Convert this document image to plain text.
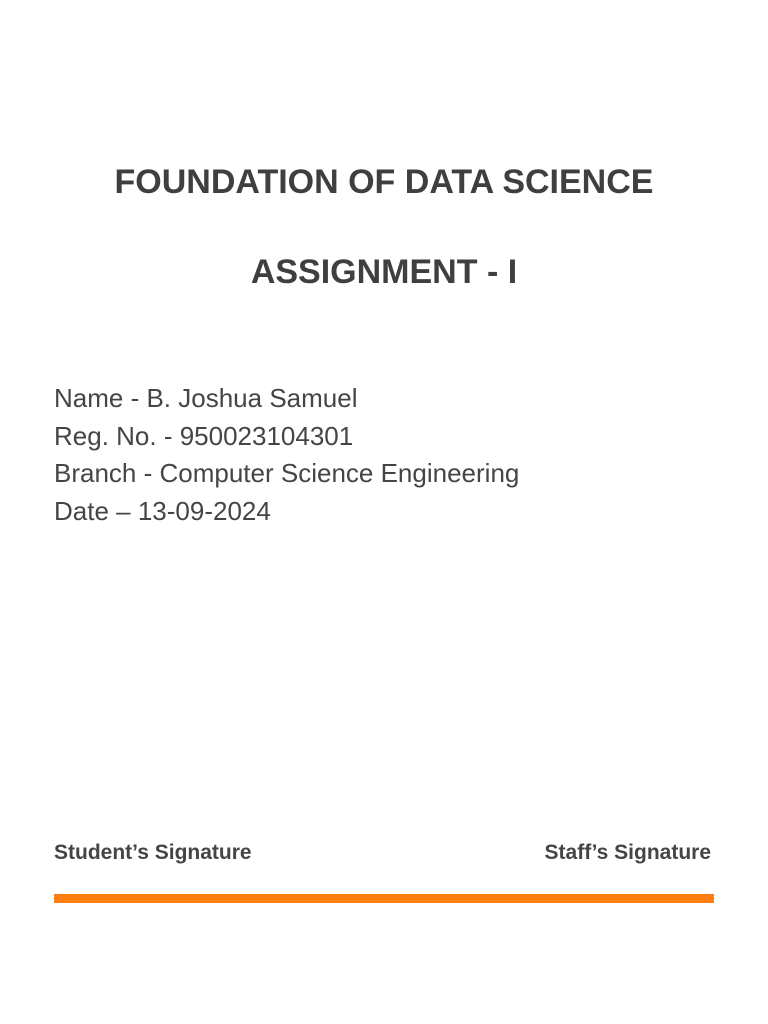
FOUNDATION OF DATA SCIENCE
ASSIGNMENT - I
Name - B. Joshua Samuel
Reg. No. - 950023104301
Branch - Computer Science Engineering
Date – 13-09-2024
Student’s Signature	Staff’s Signature
